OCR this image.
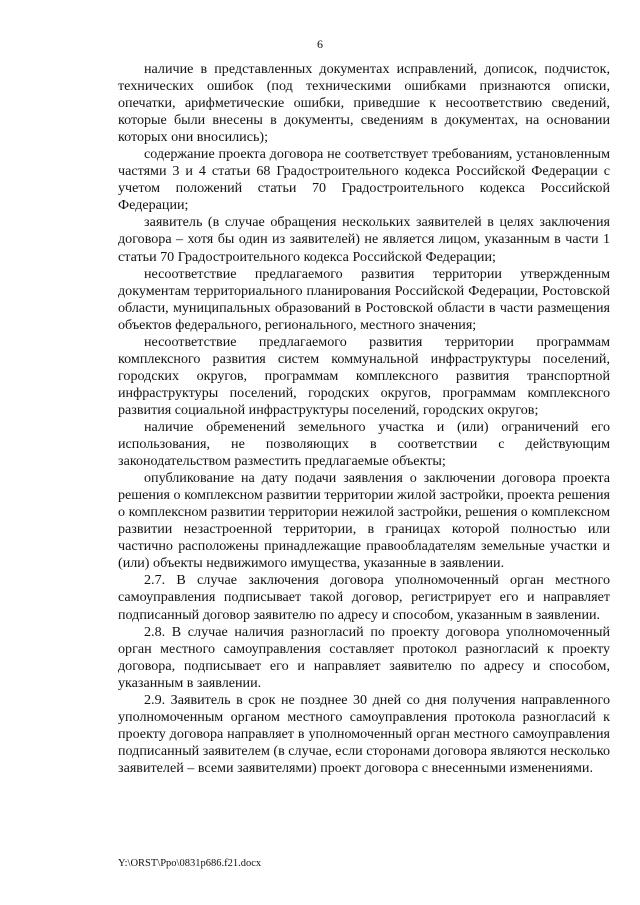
6

наличие в представленных документах исправлений, дописок, подчисток, технических ошибок (под техническими ошибками признаются описки, опечатки, арифметические ошибки, приведшие к несоответствию сведений, которые были внесены в документы, сведениям в документах, на основании которых они вносились);

содержание проекта договора не соответствует требованиям, установленным частями 3 и 4 статьи 68 Градостроительного кодекса Российской Федерации с учетом положений статьи 70 Градостроительного кодекса Российской Федерации;

заявитель (в случае обращения нескольких заявителей в целях заключения договора – хотя бы один из заявителей) не является лицом, указанным в части 1 статьи 70 Градостроительного кодекса Российской Федерации;

несоответствие предлагаемого развития территории утвержденным документам территориального планирования Российской Федерации, Ростовской области, муниципальных образований в Ростовской области в части размещения объектов федерального, регионального, местного значения;

несоответствие предлагаемого развития территории программам комплексного развития систем коммунальной инфраструктуры поселений, городских округов, программам комплексного развития транспортной инфраструктуры поселений, городских округов, программам комплексного развития социальной инфраструктуры поселений, городских округов;

наличие обременений земельного участка и (или) ограничений его использования, не позволяющих в соответствии с действующим законодательством разместить предлагаемые объекты;

опубликование на дату подачи заявления о заключении договора проекта решения о комплексном развитии территории жилой застройки, проекта решения о комплексном развитии территории нежилой застройки, решения о комплексном развитии незастроенной территории, в границах которой полностью или частично расположены принадлежащие правообладателям земельные участки и (или) объекты недвижимого имущества, указанные в заявлении.

2.7. В случае заключения договора уполномоченный орган местного самоуправления подписывает такой договор, регистрирует его и направляет подписанный договор заявителю по адресу и способом, указанным в заявлении.

2.8. В случае наличия разногласий по проекту договора уполномоченный орган местного самоуправления составляет протокол разногласий к проекту договора, подписывает его и направляет заявителю по адресу и способом, указанным в заявлении.

2.9. Заявитель в срок не позднее 30 дней со дня получения направленного уполномоченным органом местного самоуправления протокола разногласий к проекту договора направляет в уполномоченный орган местного самоуправления подписанный заявителем (в случае, если сторонами договора являются несколько заявителей – всеми заявителями) проект договора с внесенными изменениями.

Y:\ORST\Ppo\0831p686.f21.docx
